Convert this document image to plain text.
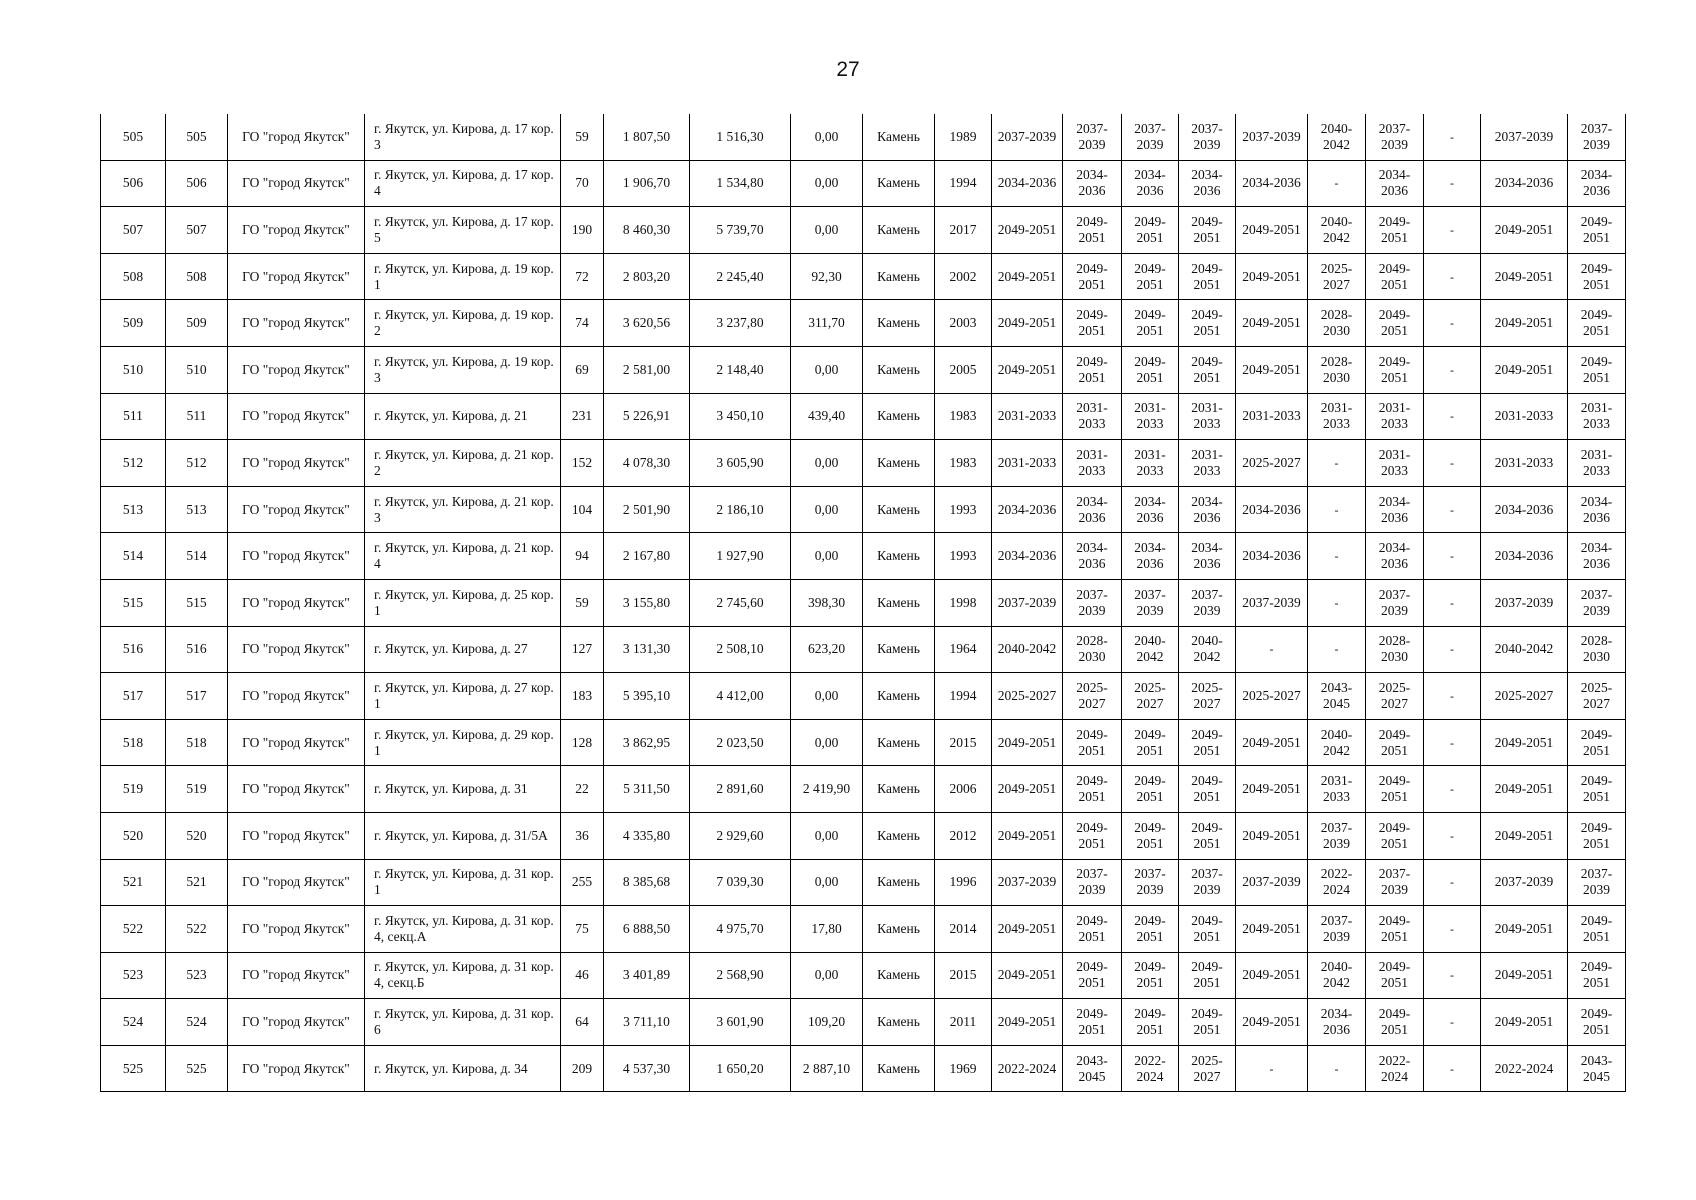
27
505	505	ГО "город Якутск"	г. Якутск, ул. Кирова, д. 17 кор. 3	59	1 807,50	1 516,30	0,00	Камень	1989	2037-2039	2037-2039	2037-2039	2037-2039	2037-2039	2040-2042	2037-2039	-	2037-2039	2037-2039
506	506	ГО "город Якутск"	г. Якутск, ул. Кирова, д. 17 кор. 4	70	1 906,70	1 534,80	0,00	Камень	1994	2034-2036	2034-2036	2034-2036	2034-2036	2034-2036	-	2034-2036	-	2034-2036	2034-2036
507	507	ГО "город Якутск"	г. Якутск, ул. Кирова, д. 17 кор. 5	190	8 460,30	5 739,70	0,00	Камень	2017	2049-2051	2049-2051	2049-2051	2049-2051	2049-2051	2040-2042	2049-2051	-	2049-2051	2049-2051
508	508	ГО "город Якутск"	г. Якутск, ул. Кирова, д. 19 кор. 1	72	2 803,20	2 245,40	92,30	Камень	2002	2049-2051	2049-2051	2049-2051	2049-2051	2049-2051	2025-2027	2049-2051	-	2049-2051	2049-2051
509	509	ГО "город Якутск"	г. Якутск, ул. Кирова, д. 19 кор. 2	74	3 620,56	3 237,80	311,70	Камень	2003	2049-2051	2049-2051	2049-2051	2049-2051	2049-2051	2028-2030	2049-2051	-	2049-2051	2049-2051
510	510	ГО "город Якутск"	г. Якутск, ул. Кирова, д. 19 кор. 3	69	2 581,00	2 148,40	0,00	Камень	2005	2049-2051	2049-2051	2049-2051	2049-2051	2049-2051	2028-2030	2049-2051	-	2049-2051	2049-2051
511	511	ГО "город Якутск"	г. Якутск, ул. Кирова, д. 21	231	5 226,91	3 450,10	439,40	Камень	1983	2031-2033	2031-2033	2031-2033	2031-2033	2031-2033	2031-2033	2031-2033	-	2031-2033	2031-2033
512	512	ГО "город Якутск"	г. Якутск, ул. Кирова, д. 21 кор. 2	152	4 078,30	3 605,90	0,00	Камень	1983	2031-2033	2031-2033	2031-2033	2031-2033	2025-2027	-	2031-2033	-	2031-2033	2031-2033
513	513	ГО "город Якутск"	г. Якутск, ул. Кирова, д. 21 кор. 3	104	2 501,90	2 186,10	0,00	Камень	1993	2034-2036	2034-2036	2034-2036	2034-2036	2034-2036	-	2034-2036	-	2034-2036	2034-2036
514	514	ГО "город Якутск"	г. Якутск, ул. Кирова, д. 21 кор. 4	94	2 167,80	1 927,90	0,00	Камень	1993	2034-2036	2034-2036	2034-2036	2034-2036	2034-2036	-	2034-2036	-	2034-2036	2034-2036
515	515	ГО "город Якутск"	г. Якутск, ул. Кирова, д. 25 кор. 1	59	3 155,80	2 745,60	398,30	Камень	1998	2037-2039	2037-2039	2037-2039	2037-2039	2037-2039	-	2037-2039	-	2037-2039	2037-2039
516	516	ГО "город Якутск"	г. Якутск, ул. Кирова, д. 27	127	3 131,30	2 508,10	623,20	Камень	1964	2040-2042	2028-2030	2040-2042	2040-2042	-	-	2028-2030	-	2040-2042	2028-2030
517	517	ГО "город Якутск"	г. Якутск, ул. Кирова, д. 27 кор. 1	183	5 395,10	4 412,00	0,00	Камень	1994	2025-2027	2025-2027	2025-2027	2025-2027	2025-2027	2043-2045	2025-2027	-	2025-2027	2025-2027
518	518	ГО "город Якутск"	г. Якутск, ул. Кирова, д. 29 кор. 1	128	3 862,95	2 023,50	0,00	Камень	2015	2049-2051	2049-2051	2049-2051	2049-2051	2049-2051	2040-2042	2049-2051	-	2049-2051	2049-2051
519	519	ГО "город Якутск"	г. Якутск, ул. Кирова, д. 31	22	5 311,50	2 891,60	2 419,90	Камень	2006	2049-2051	2049-2051	2049-2051	2049-2051	2049-2051	2031-2033	2049-2051	-	2049-2051	2049-2051
520	520	ГО "город Якутск"	г. Якутск, ул. Кирова, д. 31/5А	36	4 335,80	2 929,60	0,00	Камень	2012	2049-2051	2049-2051	2049-2051	2049-2051	2049-2051	2037-2039	2049-2051	-	2049-2051	2049-2051
521	521	ГО "город Якутск"	г. Якутск, ул. Кирова, д. 31 кор. 1	255	8 385,68	7 039,30	0,00	Камень	1996	2037-2039	2037-2039	2037-2039	2037-2039	2037-2039	2022-2024	2037-2039	-	2037-2039	2037-2039
522	522	ГО "город Якутск"	г. Якутск, ул. Кирова, д. 31 кор. 4, секц.А	75	6 888,50	4 975,70	17,80	Камень	2014	2049-2051	2049-2051	2049-2051	2049-2051	2049-2051	2037-2039	2049-2051	-	2049-2051	2049-2051
523	523	ГО "город Якутск"	г. Якутск, ул. Кирова, д. 31 кор. 4, секц.Б	46	3 401,89	2 568,90	0,00	Камень	2015	2049-2051	2049-2051	2049-2051	2049-2051	2049-2051	2040-2042	2049-2051	-	2049-2051	2049-2051
524	524	ГО "город Якутск"	г. Якутск, ул. Кирова, д. 31 кор. 6	64	3 711,10	3 601,90	109,20	Камень	2011	2049-2051	2049-2051	2049-2051	2049-2051	2049-2051	2034-2036	2049-2051	-	2049-2051	2049-2051
525	525	ГО "город Якутск"	г. Якутск, ул. Кирова, д. 34	209	4 537,30	1 650,20	2 887,10	Камень	1969	2022-2024	2043-2045	2022-2024	2025-2027	-	-	2022-2024	-	2022-2024	2043-2045
